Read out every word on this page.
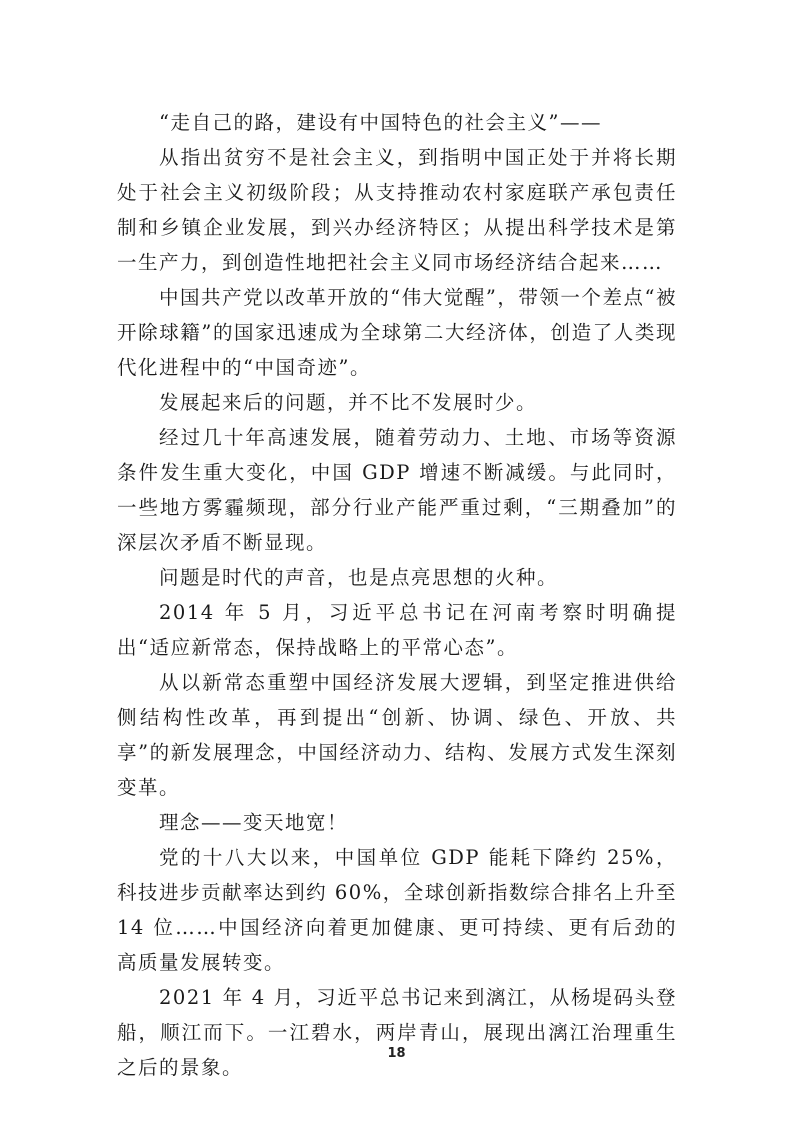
“走自己的路，建设有中国特色的社会主义”——

从指出贫穷不是社会主义，到指明中国正处于并将长期处于社会主义初级阶段；从支持推动农村家庭联产承包责任制和乡镇企业发展，到兴办经济特区；从提出科学技术是第一生产力，到创造性地把社会主义同市场经济结合起来……

中国共产党以改革开放的“伟大觉醒”，带领一个差点“被开除球籍”的国家迅速成为全球第二大经济体，创造了人类现代化进程中的“中国奇迹”。

发展起来后的问题，并不比不发展时少。

经过几十年高速发展，随着劳动力、土地、市场等资源条件发生重大变化，中国 GDP 增速不断减缓。与此同时，一些地方雾霾频现，部分行业产能严重过剩，“三期叠加”的深层次矛盾不断显现。

问题是时代的声音，也是点亮思想的火种。

2014 年 5 月，习近平总书记在河南考察时明确提出“适应新常态，保持战略上的平常心态”。

从以新常态重塑中国经济发展大逻辑，到坚定推进供给侧结构性改革，再到提出“创新、协调、绿色、开放、共享”的新发展理念，中国经济动力、结构、发展方式发生深刻变革。

理念——变天地宽！

党的十八大以来，中国单位 GDP 能耗下降约 25%，科技进步贡献率达到约 60%，全球创新指数综合排名上升至 14 位……中国经济向着更加健康、更可持续、更有后劲的高质量发展转变。

2021 年 4 月，习近平总书记来到漓江，从杨堤码头登船，顺江而下。一江碧水，两岸青山，展现出漓江治理重生之后的景象。

18
